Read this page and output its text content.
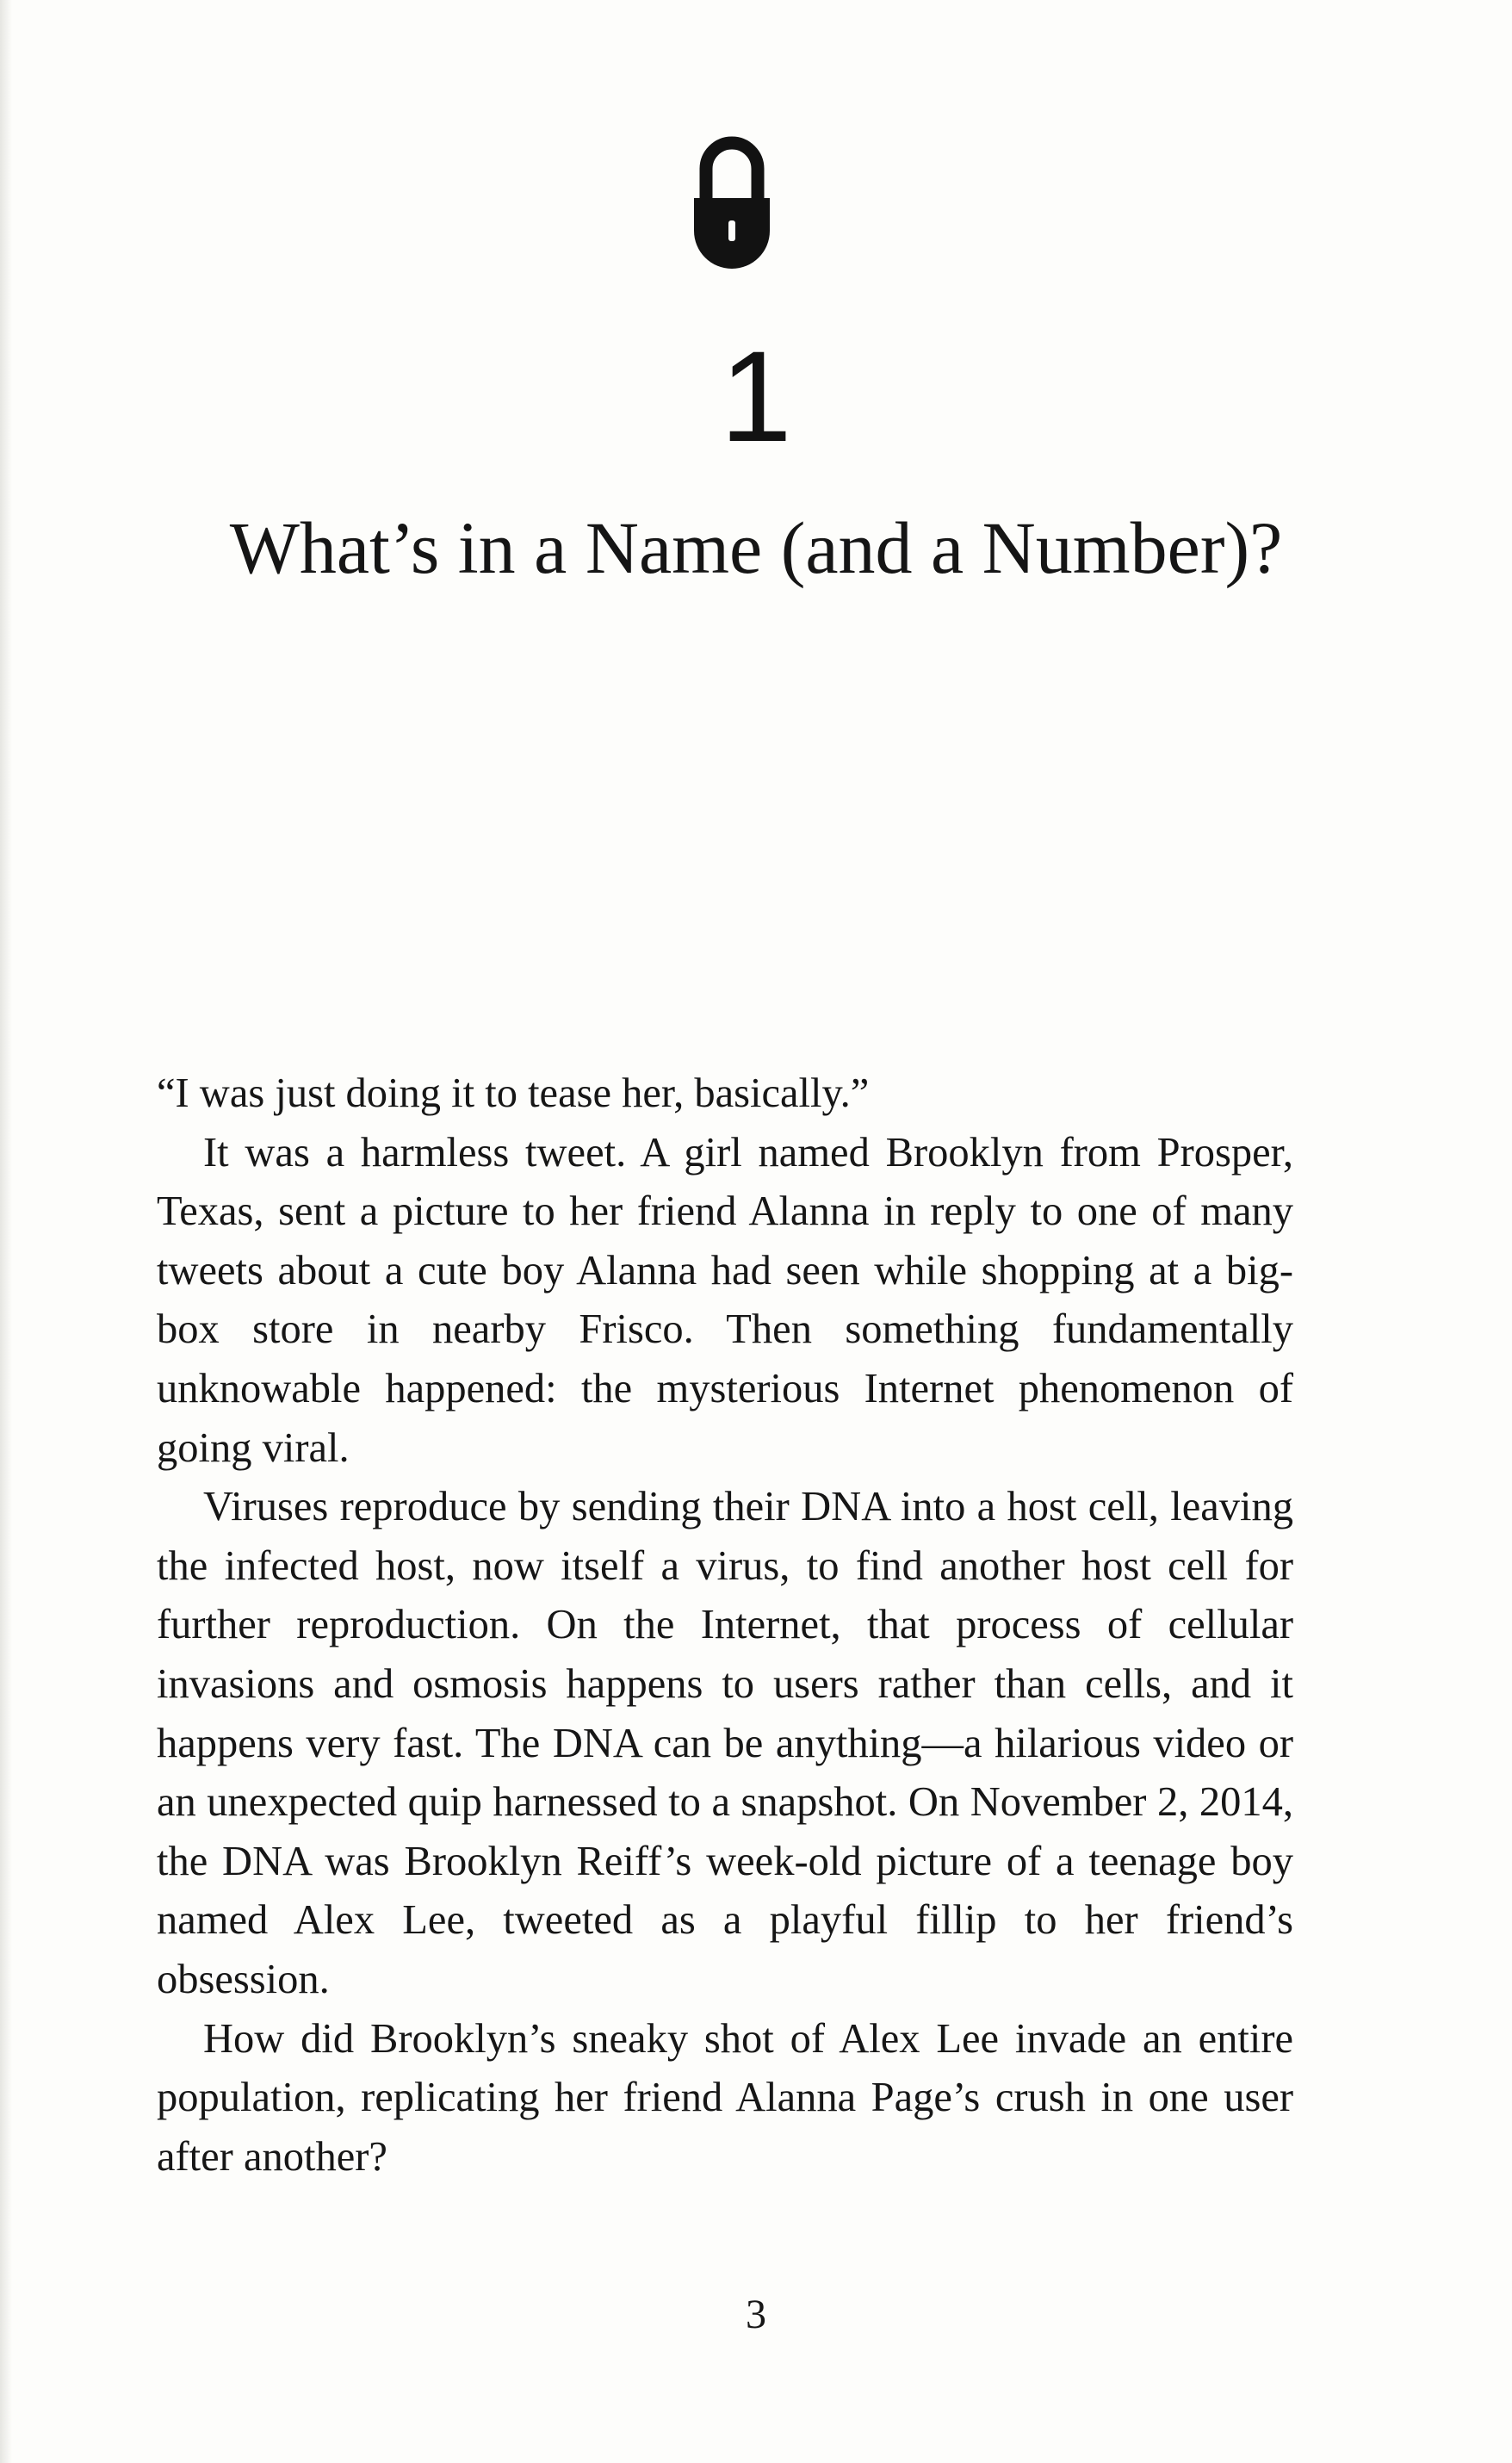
1
What’s in a Name (and a Number)?

“I was just doing it to tease her, basically.”

It was a harmless tweet. A girl named Brooklyn from Prosper, Texas, sent a picture to her friend Alanna in reply to one of many tweets about a cute boy Alanna had seen while shopping at a big-box store in nearby Frisco. Then something fundamentally unknowable happened: the mysterious Internet phenomenon of going viral.

Viruses reproduce by sending their DNA into a host cell, leaving the infected host, now itself a virus, to find another host cell for further reproduction. On the Internet, that process of cellular invasions and osmosis happens to users rather than cells, and it happens very fast. The DNA can be anything—a hilarious video or an unexpected quip harnessed to a snapshot. On November 2, 2014, the DNA was Brooklyn Reiff’s week-old picture of a teenage boy named Alex Lee, tweeted as a playful fillip to her friend’s obsession.

How did Brooklyn’s sneaky shot of Alex Lee invade an entire population, replicating her friend Alanna Page’s crush in one user after another?

3
